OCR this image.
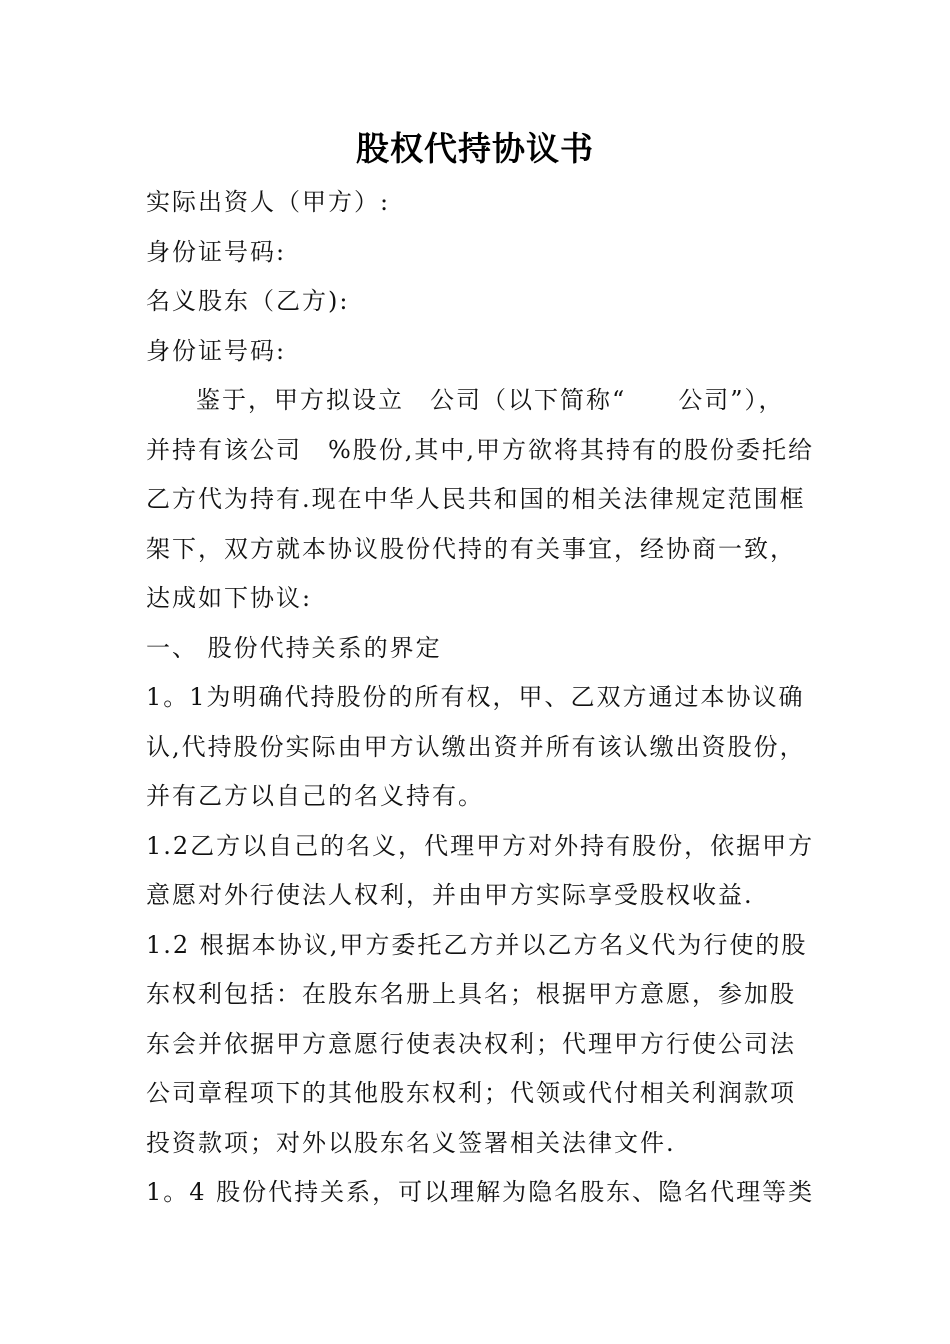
股权代持协议书
实际出资人（甲方）:
身份证号码:
名义股东（乙方):
身份证号码:
鉴于，甲方拟设立　公司（以下简称“　　公司”），
并持有该公司　%股份,其中,甲方欲将其持有的股份委托给
乙方代为持有.现在中华人民共和国的相关法律规定范围框
架下，双方就本协议股份代持的有关事宜，经协商一致，
达成如下协议:
一、 股份代持关系的界定
1。1为明确代持股份的所有权，甲、乙双方通过本协议确
认,代持股份实际由甲方认缴出资并所有该认缴出资股份，
并有乙方以自己的名义持有。
1.2乙方以自己的名义，代理甲方对外持有股份，依据甲方
意愿对外行使法人权利，并由甲方实际享受股权收益.
1.2 根据本协议,甲方委托乙方并以乙方名义代为行使的股
东权利包括：在股东名册上具名；根据甲方意愿，参加股
东会并依据甲方意愿行使表决权利；代理甲方行使公司法
公司章程项下的其他股东权利；代领或代付相关利润款项
投资款项；对外以股东名义签署相关法律文件.
1。4 股份代持关系，可以理解为隐名股东、隐名代理等类
